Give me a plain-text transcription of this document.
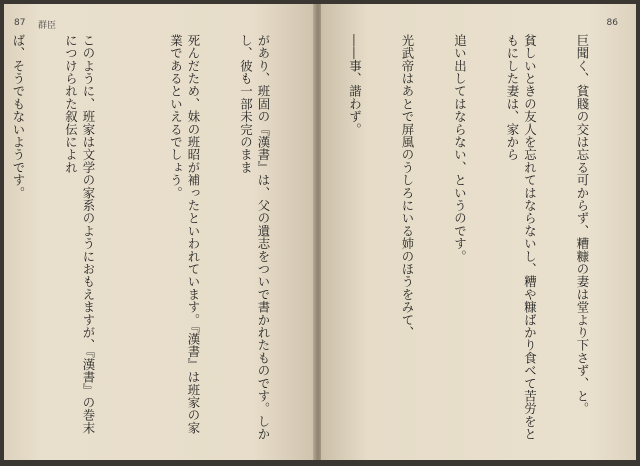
87 群臣

があり、班固の『漢書』は、父の遺志をついで書かれたものです。しかし、彼も一部未完のまま

死んだため、妹の班昭が補ったといわれています。『漢書』は班家の家業であるといえるでしょう。

このように、班家は文学の家系のようにおもえますが、『漢書』の巻末につけられた叙伝によれ

ば、そうでもないようです。

86

巨聞く、貧賤の交は忘る可からず、糟糠の妻は堂より下さず、と。

貧しいときの友人を忘れてはならないし、糟や糠ばかり食べて苦労をともにした妻は、家から

追い出してはならない、というのです。

光武帝はあとで屏風のうしろにいる姉のほうをみて、

――事、諧わず。
